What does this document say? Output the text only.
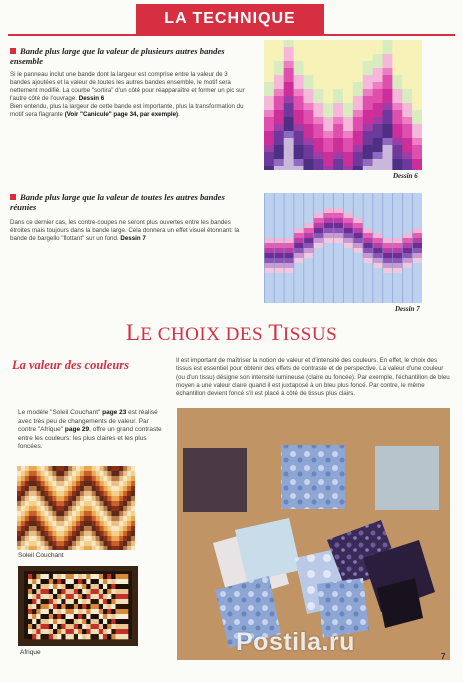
LA TECHNIQUE
Bande plus large que la valeur de plusieurs autres bandes ensemble
Si le panneau inclut une bande dont la largeur est comprise entre la valeur de 3 bandes ajoutées et la valeur de toutes les autres bandes ensemble, le motif sera nettement modifié. La courbe "sortira" d'un côté pour réapparaître et former un pic sur l'autre côté de l'ouvrage. Dessin 6
Bien entendu, plus la largeur de cette bande est importante, plus la transformation du motif sera flagrante (Voir "Canicule" page 34, par exemple).
Dessin 6
Bande plus large que la valeur de toutes les autres bandes réunies
Dans ce dernier cas, les contre-coupes ne seront plus ouvertes entre les bandes étroites mais toujours dans la bande large. Cela donnera un effet visuel étonnant: la bande de bargello "flottant" sur un fond. Dessin 7
Dessin 7
LE CHOIX DES TISSUS
La valeur des couleurs	Il est important de maîtriser la notion de valeur et d'intensité des couleurs. En effet, le choix des tissus est essentiel pour obtenir des effets de contraste et de perspective. La valeur d'une couleur (ou d'un tissu) désigne son intensité lumineuse (claire ou foncée). Par exemple, l'échantillon de bleu moyen a une valeur claire quand il est juxtaposé à un bleu plus foncé. Par contre, le même échantillon devient foncé s'il est placé à côté de tissus plus clairs.
Le modèle "Soleil Couchant" page 23 est réalisé avec très peu de changements de valeur. Par contre "Afrique" page 29, offre un grand contraste entre les couleurs: les plus claires et les plus foncées.
Soleil Couchant
Afrique	Postila.ru
7
